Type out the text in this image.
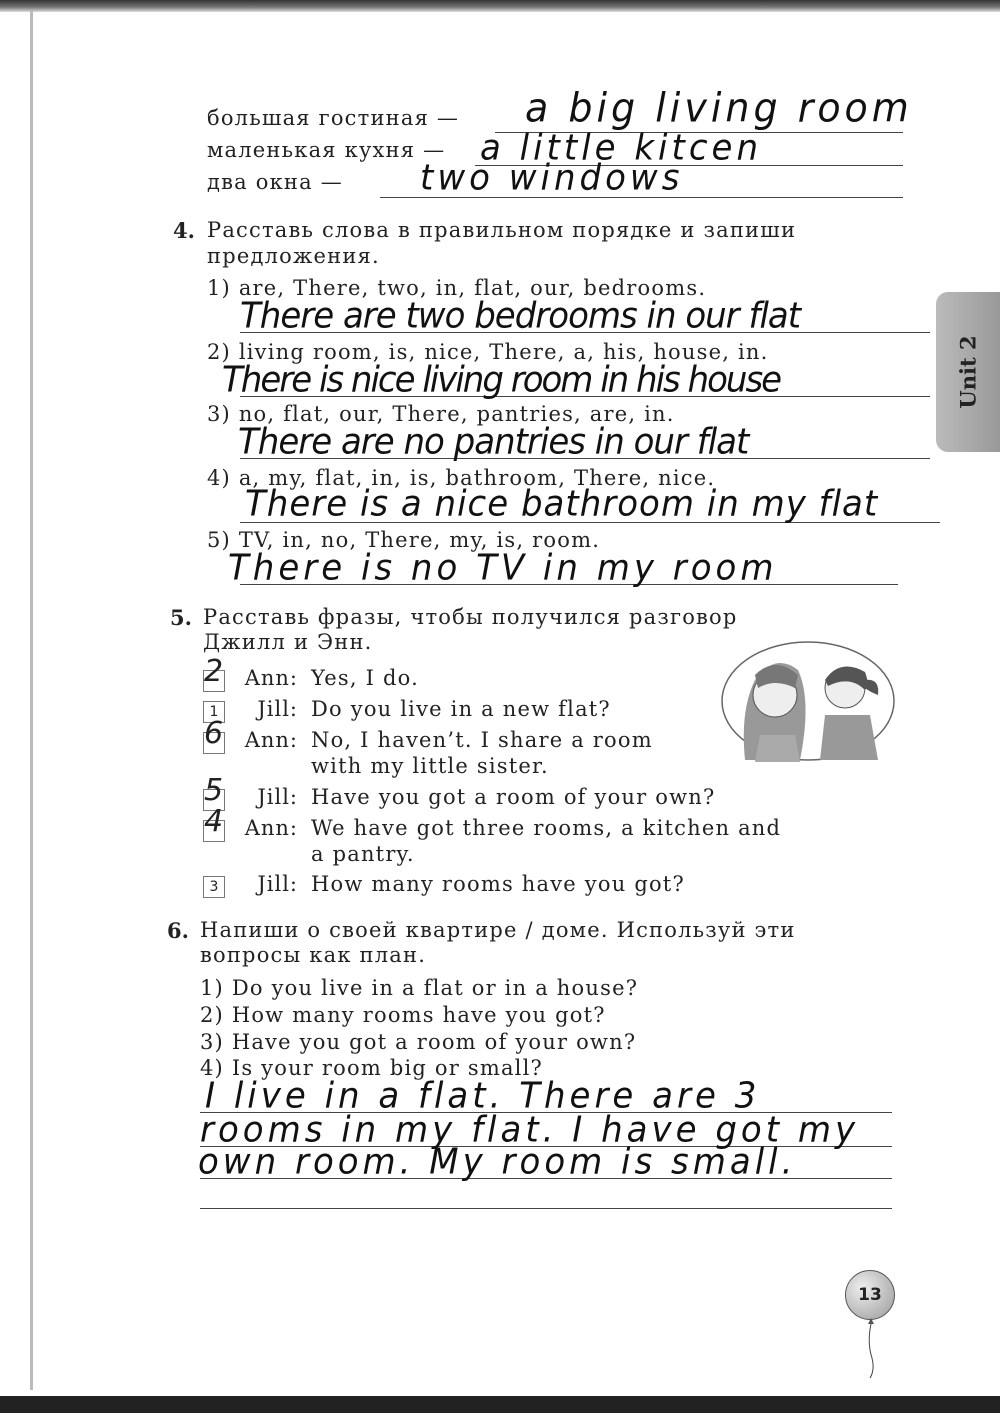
большая гостиная — a big living room
маленькая кухня — a little kitcen
два окна — two windows
4. Расставь слова в правильном порядке и запиши
предложения.
1) are, There, two, in, flat, our, bedrooms.
There are two bedrooms in our flat
2) living room, is, nice, There, a, his, house, in.
There is nice living room in his house
3) no, flat, our, There, pantries, are, in.
There are no pantries in our flat
4) a, my, flat, in, is, bathroom, There, nice.
There is a nice bathroom in my flat
5) TV, in, no, There, my, is, room.
There is no TV in my room
Unit 2
5. Расставь фразы, чтобы получился разговор
Джилл и Энн.
2	Ann: Yes, I do.
1	Jill: Do you live in a new flat?
6	Ann: No, I haven’t. I share a room
with my little sister.
5	Jill: Have you got a room of your own?
4	Ann: We have got three rooms, a kitchen and
a pantry.
3	Jill: How many rooms have you got?
6. Напиши о своей квартире / доме. Используй эти
вопросы как план.
1) Do you live in a flat or in a house?
2) How many rooms have you got?
3) Have you got a room of your own?
4) Is your room big or small?
I live in a flat. There are 3
rooms in my flat. I have got my
own room. My room is small.
13
